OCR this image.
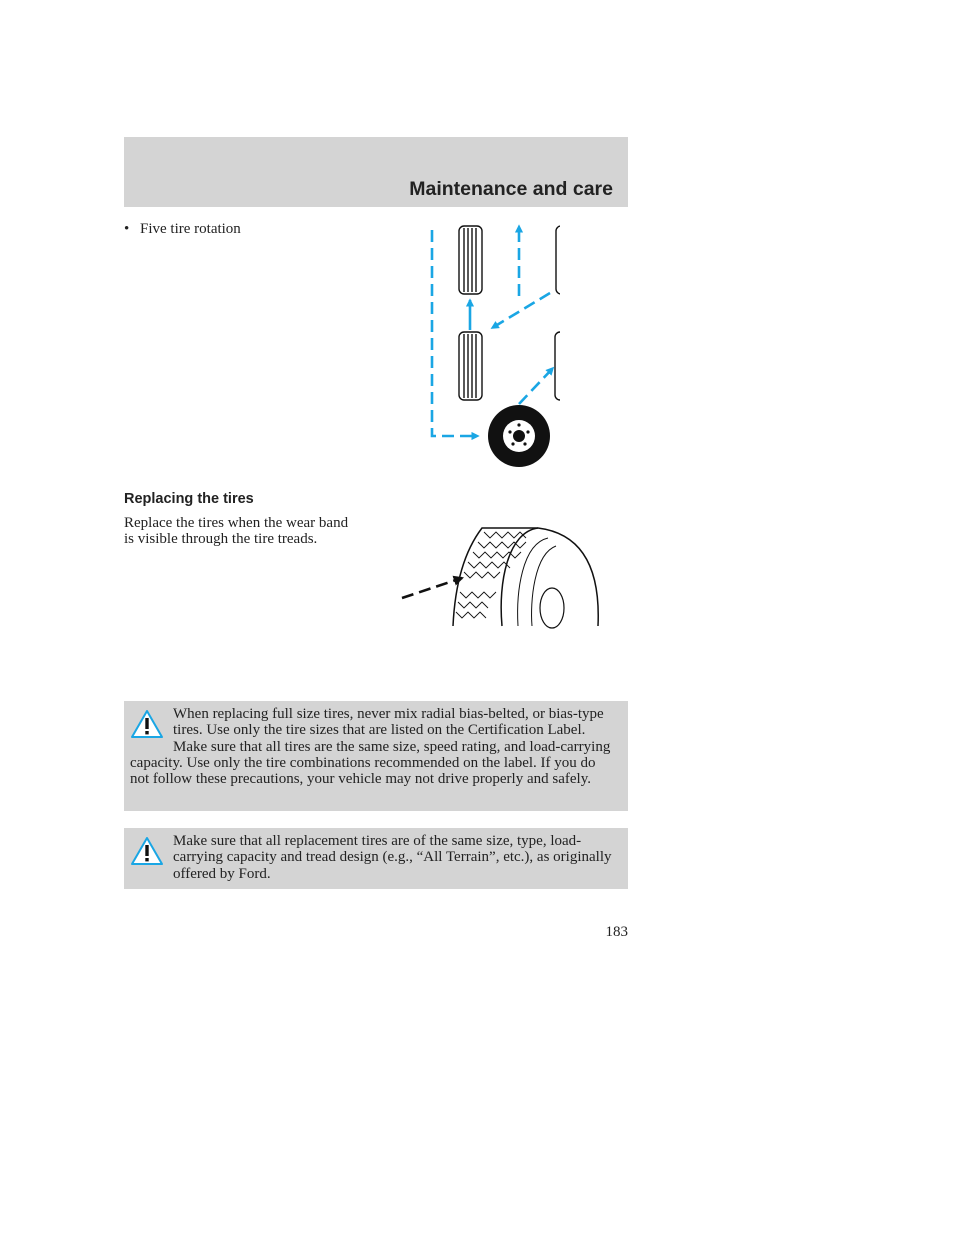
Maintenance and care
• Five tire rotation
Replacing the tires

Replace the tires when the wear band is visible through the tire treads.

When replacing full size tires, never mix radial bias-belted, or bias-type tires. Use only the tire sizes that are listed on the Certification Label. Make sure that all tires are the same size, speed rating, and load-carrying capacity. Use only the tire combinations recommended on the label. If you do not follow these precautions, your vehicle may not drive properly and safely.

Make sure that all replacement tires are of the same size, type, load-carrying capacity and tread design (e.g., “All Terrain”, etc.), as originally offered by Ford.

183
